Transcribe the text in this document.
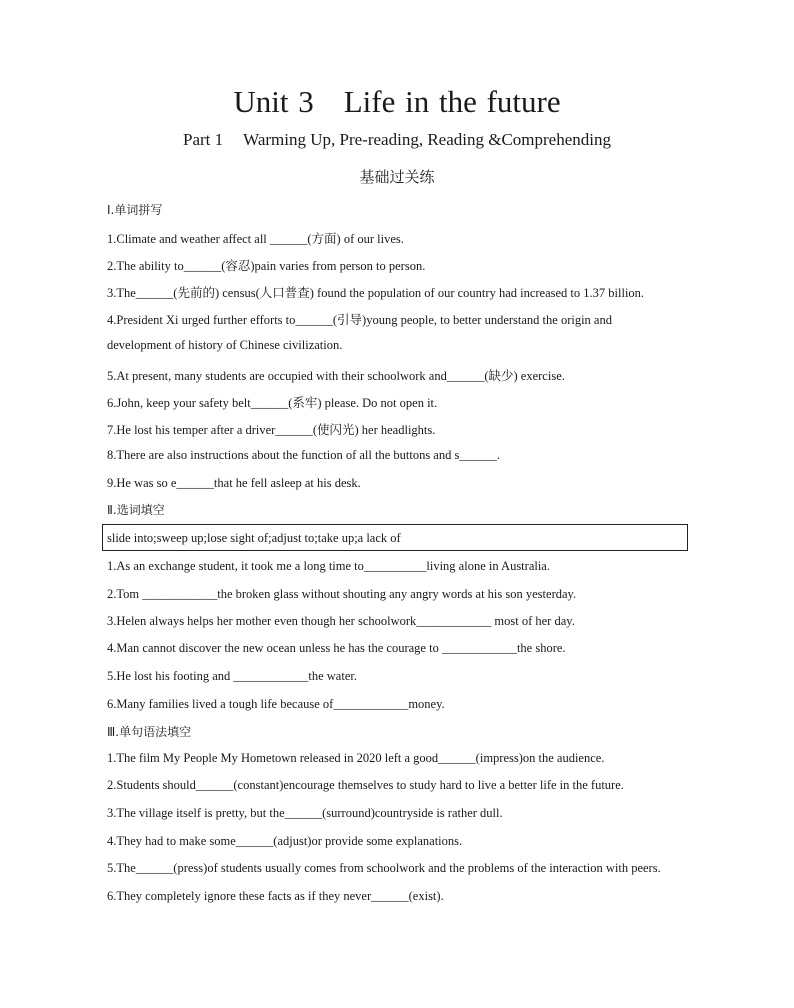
Unit 3 Life in the future
Part 1 Warming Up, Pre-reading, Reading &Comprehending
基础过关练
Ⅰ.单词拼写
1.Climate and weather affect all ______(方面) of our lives.
2.The ability to______(容忍)pain varies from person to person.
3.The______(先前的) census(人口普查) found the population of our country had increased to 1.37 billion.
4.President Xi urged further efforts to______(引导)young people, to better understand the origin and
development of history of Chinese civilization.
5.At present, many students are occupied with their schoolwork and______(缺少) exercise.
6.John, keep your safety belt______(系牢) please. Do not open it.
7.He lost his temper after a driver______(使闪光) her headlights.
8.There are also instructions about the function of all the buttons and s______.
9.He was so e______that he fell asleep at his desk.
Ⅱ.选词填空
slide into;sweep up;lose sight of;adjust to;take up;a lack of
1.As an exchange student, it took me a long time to__________living alone in Australia.
2.Tom ____________the broken glass without shouting any angry words at his son yesterday.
3.Helen always helps her mother even though her schoolwork____________ most of her day.
4.Man cannot discover the new ocean unless he has the courage to ____________the shore.
5.He lost his footing and ____________the water.
6.Many families lived a tough life because of____________money.
Ⅲ.单句语法填空
1.The film My People My Hometown released in 2020 left a good______(impress)on the audience.
2.Students should______(constant)encourage themselves to study hard to live a better life in the future.
3.The village itself is pretty, but the______(surround)countryside is rather dull.
4.They had to make some______(adjust)or provide some explanations.
5.The______(press)of students usually comes from schoolwork and the problems of the interaction with peers.
6.They completely ignore these facts as if they never______(exist).
